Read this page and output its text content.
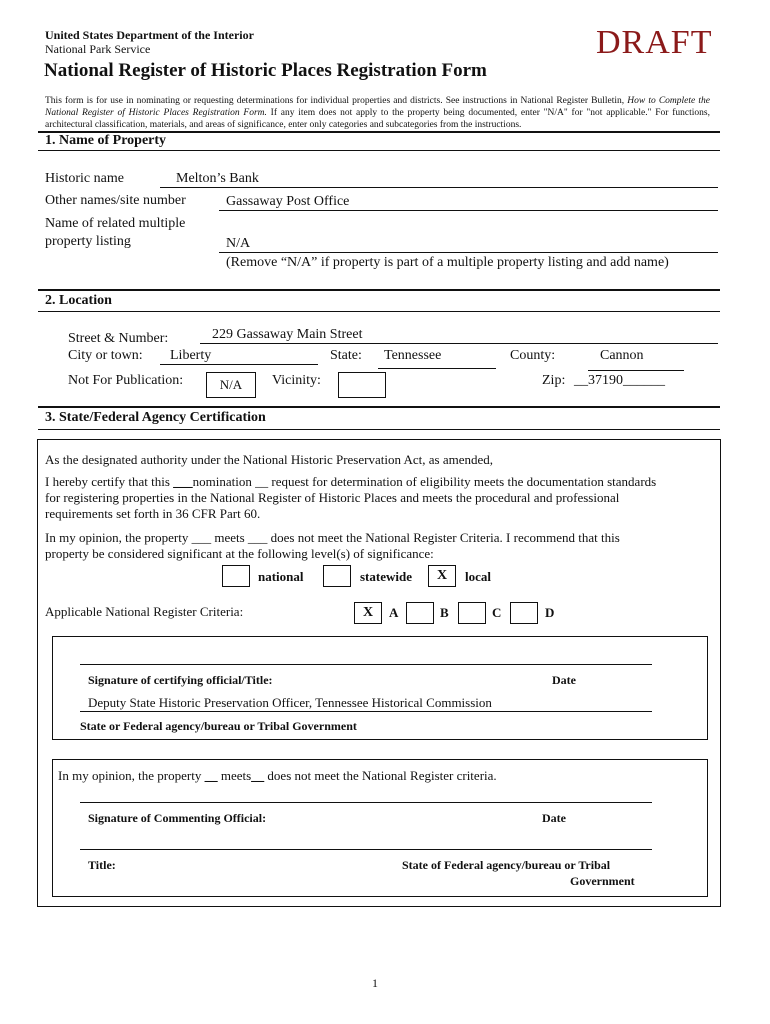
United States Department of the Interior
National Park Service	DRAFT
National Register of Historic Places Registration Form
This form is for use in nominating or requesting determinations for individual properties and districts. See instructions in National Register Bulletin, How to Complete the National Register of Historic Places Registration Form. If any item does not apply to the property being documented, enter "N/A" for "not applicable." For functions, architectural classification, materials, and areas of significance, enter only categories and subcategories from the instructions.
1. Name of Property
Historic name	Melton’s Bank
Other names/site number	Gassaway Post Office
Name of related multiple
property listing	N/A
(Remove “N/A” if property is part of a multiple property listing and add name)
2. Location
Street & Number:	229 Gassaway Main Street
City or town: Liberty	State: Tennessee	County:	Cannon
Not For Publication:	N/A	Vicinity:	Zip: __37190______
3. State/Federal Agency Certification
As the designated authority under the National Historic Preservation Act, as amended,
I hereby certify that this ___nomination __ request for determination of eligibility meets the documentation standards
for registering properties in the National Register of Historic Places and meets the procedural and professional
requirements set forth in 36 CFR Part 60.
In my opinion, the property ___ meets ___ does not meet the National Register Criteria. I recommend that this
property be considered significant at the following level(s) of significance:
national	statewide	X	local
Applicable National Register Criteria:	X	A	B	C	D
Signature of certifying official/Title:	Date
Deputy State Historic Preservation Officer, Tennessee Historical Commission
State or Federal agency/bureau or Tribal Government
In my opinion, the property __ meets__ does not meet the National Register criteria.
Signature of Commenting Official:	Date
Title:	State of Federal agency/bureau or Tribal
Government
1
